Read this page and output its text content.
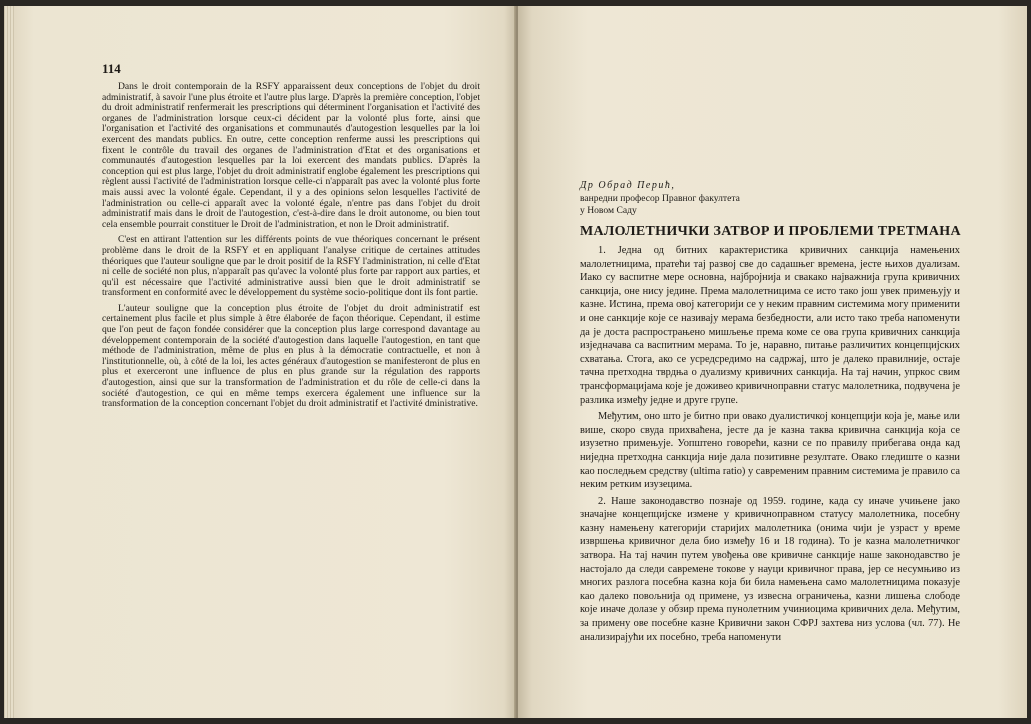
114

Dans le droit contemporain de la RSFY apparaissent deux conceptions de l'objet du droit administratif, à savoir l'une plus étroite et l'autre plus large. D'après la première conception, l'objet du droit administratif renfermerait les prescriptions qui déterminent l'organisation et l'activité des organes de l'administration lorsque ceux-ci décident par la volonté plus forte, ainsi que l'organisation et l'activité des organisations et communautés d'autogestion lesquelles par la loi exercent des mandats publics. En outre, cette conception renferme aussi les prescriptions qui fixent le contrôle du travail des organes de l'administration d'Etat et des organisations et communautés d'autogestion lesquelles par la loi exercent des mandats publics. D'après la conception qui est plus large, l'objet du droit administratif englobe également les prescriptions qui règlent aussi l'activité de l'administration lorsque celle-ci n'apparaît pas avec la volonté plus forte mais aussi avec la volonté égale. Cependant, il y a des opinions selon lesquelles l'activité de l'administration ou celle-ci apparaît avec la volonté égale, n'entre pas dans l'objet du droit administratif mais dans le droit de l'autogestion, c'est-à-dire dans le droit autonome, ou bien tout cela ensemble pourrait constituer le Droit de l'administration, et non le Droit administratif.

C'est en attirant l'attention sur les différents points de vue théoriques concernant le présent problème dans le droit de la RSFY et en appliquant l'analyse critique de certaines attitudes théoriques que l'auteur souligne que par le droit positif de la RSFY l'administration, ni celle d'Etat ni celle de société non plus, n'apparaît pas qu'avec la volonté plus forte par rapport aux parties, et qu'il est nécessaire que l'activité administrative aussi bien que le droit administratif se transforment en conformité avec le développement du système socio-politique dont ils font partie.

L'auteur souligne que la conception plus étroite de l'objet du droit administratif est certainement plus facile et plus simple à être élaborée de façon théorique. Cependant, il estime que l'on peut de façon fondée considérer que la conception plus large correspond davantage au développement contemporain de la société d'autogestion dans laquelle l'autogestion, en tant que méthode de l'administration, même de plus en plus à la démocratie contractuelle, et non à l'institutionnelle, où, à côté de la loi, les actes généraux d'autogestion se manifesteront de plus en plus et exerceront une influence de plus en plus grande sur la régulation des rapports d'autogestion, ainsi que sur la transformation de l'administration et du rôle de celle-ci dans la société d'autogestion, ce qui en même temps exercera également une influence sur la transformation de la conception concernant l'objet du droit administratif et l'activité dministrative.

Др Обрад Перић,
ванредни професор Правног факултета
у Новом Саду
МАЛОЛЕТНИЧКИ ЗАТВОР И ПРОБЛЕМИ ТРЕТМАНА

1. Једна од битних карактеристика кривичних санкција намењених малолетницима, пратећи тај развој све до садашњег времена, јесте њихов дуализам. Иако су васпитне мере основна, најбројнија и свакако најважнија група кривичних санкција, оне нису једине. Према малолетницима се исто тако још увек примењују и казне. Истина, према овој категорији се у неким правним системима могу применити и оне санкције које се називају мерама безбедности, али исто тако треба напоменути да је доста распрострањено мишљење према коме се ова група кривичних санкција изједначава са васпитним мерама. То је, наравно, питање различитих концепцијских схватања. Стога, ако се усредсредимо на садржај, што је далеко правилније, остаје тачна претходна тврдња о дуализму кривичних санкција. На тај начин, упркос свим трансформацијама које је доживео кривичноправни статус малолетника, подвучена је разлика између једне и друге групе.

Међутим, оно што је битно при овако дуалистичкој концепцији која је, мање или више, скоро свуда прихваћена, јесте да је казна таква кривична санкција која се изузетно примењује. Уопштено говорећи, казни се по правилу прибегава онда кад ниједна претходна санкција није дала позитивне резултате. Овако гледиште о казни као последњем средству (ultima ratio) у савременим правним системима је правило са неким ретким изузецима.

2. Наше законодавство познаје од 1959. године, када су иначе учињене јако значајне концепцијске измене у кривичноправном статусу малолетника, посебну казну намењену категорији старијих малолетника (онима чији је узраст у време извршења кривичног дела био између 16 и 18 година). То је казна малолетничког затвора. На тај начин путем увођења ове кривичне санкције наше законодавство је настојало да следи савремене токове у науци кривичног права, јер се несумњиво из многих разлога посебна казна која би била намењена само малолетницима показује као далеко повољнија од примене, уз извесна ограничења, казни лишења слободе које иначе долазе у обзир према пунолетним учиниоцима кривичних дела. Међутим, за примену ове посебне казне Кривични закон СФРЈ захтева низ услова (чл. 77). Не анализирајући их посебно, треба напоменути
